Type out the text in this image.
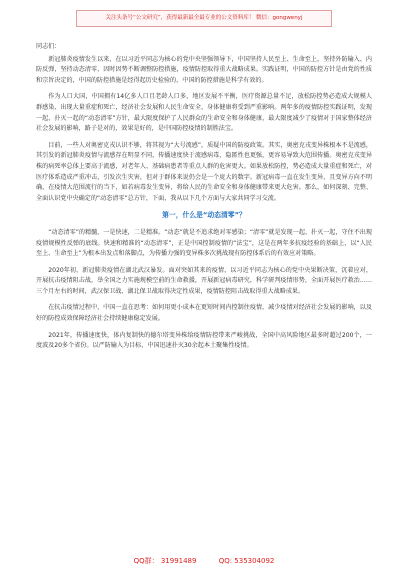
关注头条号“公文研究”，获得最新最全最专业的公文资料库！ 微信：gongwenyj

同志们：

新冠肺炎疫情发生以来，在以习近平同志为核心的党中央坚强领导下，中国坚持人民至上、生命至上，坚持外防输入、内防反弹，坚持动态清零，因时因势不断调整防控措施，疫情防控取得重大战略成果。实践证明，中国的防控方针是由党的性质和宗旨决定的，中国的防控措施是经得起历史检验的，中国的防控措施是科学有效的。

作为人口大国，中国拥有14亿多人口且老龄人口多，地区发展不平衡，医疗资源总量不足，放松防控势必造成大规模人群感染、出现大量重症和死亡，经济社会发展和人民生命安全、身体健康将受到严重影响。两年多的疫情防控实践证明，发现一起、扑灭一起的“动态清零”方针，最大限度保护了人民群众的生命安全和身体健康，最大限度减少了疫情对于国家整体经济社会发展的影响，路子是对的，效果是好的，是中国防控疫情的制胜法宝。

目前，一些人对奥密克戎认识不够，将其视为“大号流感”，质疑中国的防疫政策。其实，奥密克戎变异株根本不是流感，其引发的新冠肺炎疫情与流感存在明显不同，传播速度快于流感病毒，隐匿性也更强，更容易导致大范围传播。奥密克戎变异株的病死率总体上要高于流感，对老年人、基础病患者等重点人群的危害更大。如果放松防控，势必造成大量重症和死亡，对医疗体系造成严重冲击，引发次生灾害，但对于群体来说仍会是一个庞大的数字。新冠病毒一直在发生变异，且变异方向不明确，在疫情大范围流行的当下，如若病毒发生变异，将给人民的生命安全和身体健康带来更大危害。那么，如何深刻、完整、全面认识党中央确定的“动态清零”总方针，下面，我从以下几个方面与大家共同学习交流。

第一，什么是“动态清零”？

“动态清零”的精髓，一是快速，二是精准。“动态”就是不追求绝对零感染；“清零”就是发现一起、扑灭一起，守住不出现疫情规模性反弹的底线。快速和精准的“动态清零”，正是中国控制疫情的“法宝”，这是在两年多抗疫经验的基础上，以“人民至上、生命至上”为根本出发点和落脚点，为传播力强的变异株多次挑战现有防控体系后的有效应对策略。

2020年初，新冠肺炎疫情在湖北武汉暴发。面对突如其来的疫情，以习近平同志为核心的党中央果断决策，沉着应对，开展抗击疫情阻击战，举全国之力实施规模空前的生命救援，开展新冠病毒研究，科学研判疫情形势，全面开展医疗救治……三个月左右的时间，武汉保卫战、湖北保卫战取得决定性成果，疫情防控阻击战取得重大战略成果。

在抗击疫情过程中，中国一直在思考：如何用更小成本在更短时间内控制住疫情，减少疫情对经济社会发展的影响，以及好的防控成效保障经济社会持续健康稳定发展。

2021年，传播速度快，体内复制快的德尔塔变异株给疫情防控带来严峻挑战，全国中高风险地区最多时超过200个，一度波及20多个省份。以严防输入为目标，中国迅速扑灭30余起本土聚集性疫情。

QQ群： 31991489	QQ: 535304092
